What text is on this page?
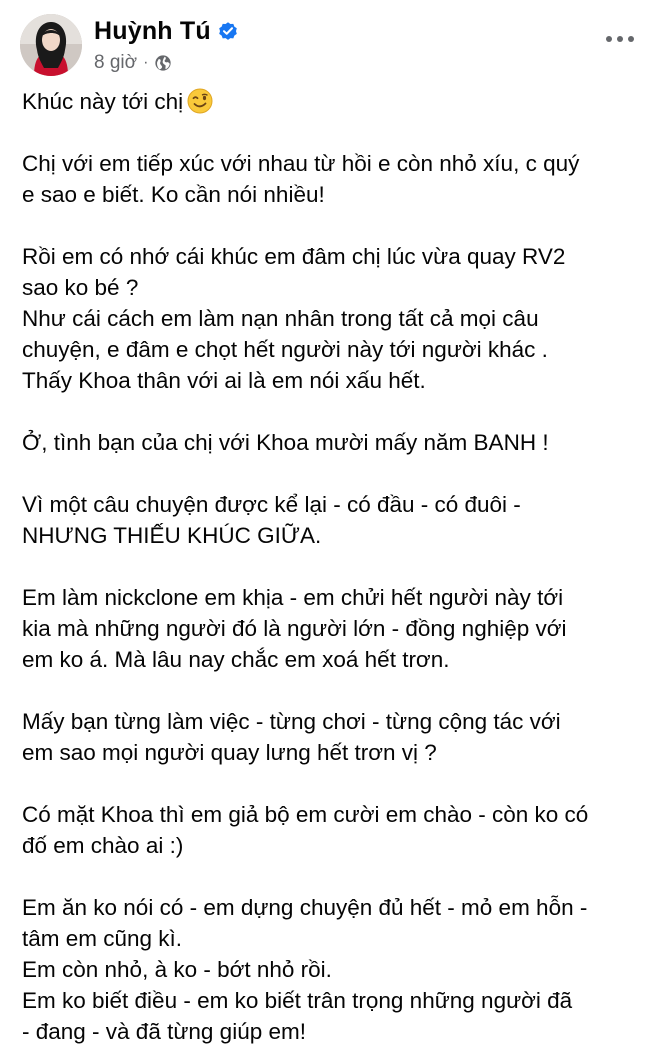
Huỳnh Tú
8 giờ ·

Khúc này tới chị

Chị với em tiếp xúc với nhau từ hồi e còn nhỏ xíu, c quý
e sao e biết. Ko cần nói nhiều!

Rồi em có nhớ cái khúc em đâm chị lúc vừa quay RV2
sao ko bé ?
Như cái cách em làm nạn nhân trong tất cả mọi câu
chuyện, e đâm e chọt hết người này tới người khác .
Thấy Khoa thân với ai là em nói xấu hết.

Ở, tình bạn của chị với Khoa mười mấy năm BANH !

Vì một câu chuyện được kể lại - có đầu - có đuôi -
NHƯNG THIẾU KHÚC GIỮA.

Em làm nickclone em khịa - em chửi hết người này tới
kia mà những người đó là người lớn - đồng nghiệp với
em ko á. Mà lâu nay chắc em xoá hết trơn.

Mấy bạn từng làm việc - từng chơi - từng cộng tác với
em sao mọi người quay lưng hết trơn vị ?

Có mặt Khoa thì em giả bộ em cười em chào - còn ko có
đố em chào ai :)

Em ăn ko nói có - em dựng chuyện đủ hết - mỏ em hỗn -
tâm em cũng kì.
Em còn nhỏ, à ko - bớt nhỏ rồi.
Em ko biết điều - em ko biết trân trọng những người đã
- đang - và đã từng giúp em!
